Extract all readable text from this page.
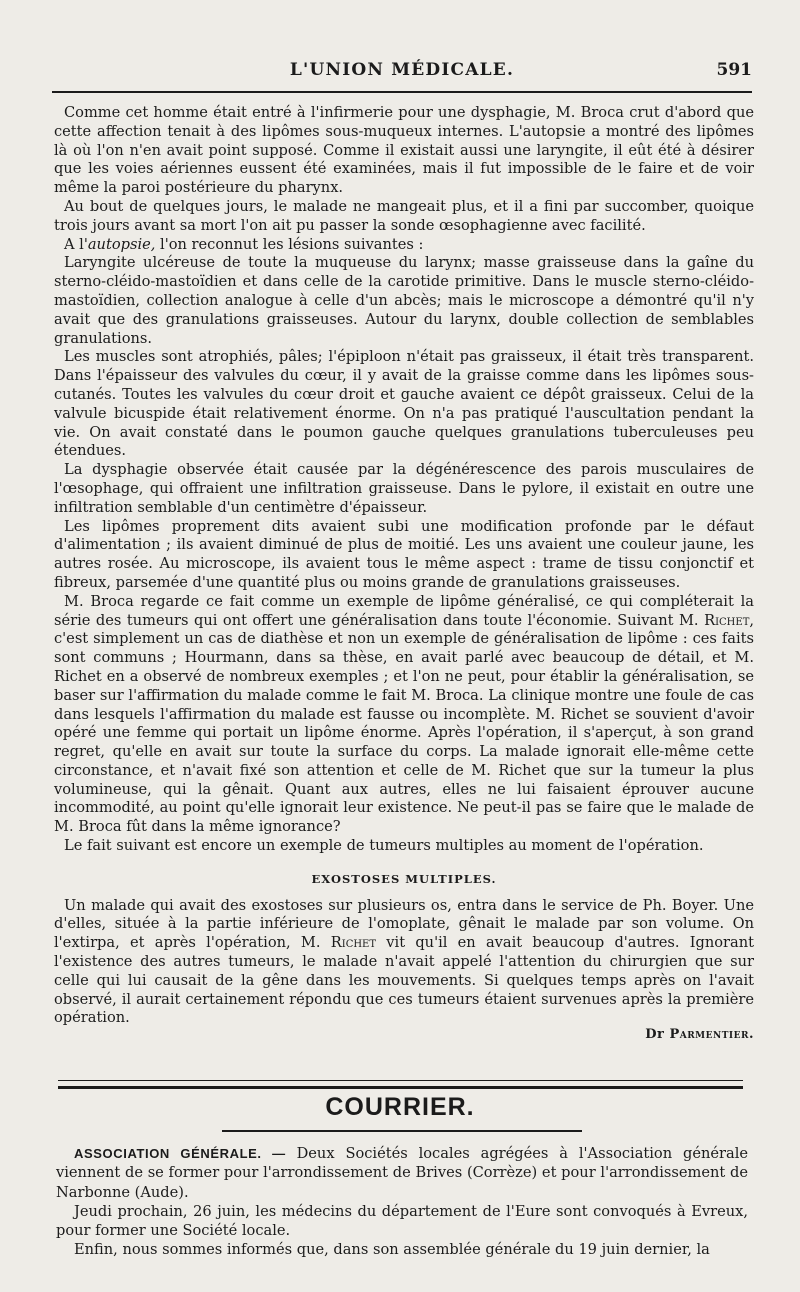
L'UNION MÉDICALE.	591

Comme cet homme était entré à l'infirmerie pour une dysphagie, M. Broca crut d'abord que cette affection tenait à des lipômes sous-muqueux internes. L'autopsie a montré des lipômes là où l'on n'en avait point supposé. Comme il existait aussi une laryngite, il eût été à désirer que les voies aériennes eussent été examinées, mais il fut impossible de le faire et de voir même la paroi postérieure du pharynx.

Au bout de quelques jours, le malade ne mangeait plus, et il a fini par succomber, quoique trois jours avant sa mort l'on ait pu passer la sonde œsophagienne avec facilité.

A l'autopsie, l'on reconnut les lésions suivantes :

Laryngite ulcéreuse de toute la muqueuse du larynx; masse graisseuse dans la gaîne du sterno-cléido-mastoïdien et dans celle de la carotide primitive. Dans le muscle sterno-cléido-mastoïdien, collection analogue à celle d'un abcès; mais le microscope a démontré qu'il n'y avait que des granulations graisseuses. Autour du larynx, double collection de semblables granulations.

Les muscles sont atrophiés, pâles; l'épiploon n'était pas graisseux, il était très transparent. Dans l'épaisseur des valvules du cœur, il y avait de la graisse comme dans les lipômes sous-cutanés. Toutes les valvules du cœur droit et gauche avaient ce dépôt graisseux. Celui de la valvule bicuspide était relativement énorme. On n'a pas pratiqué l'auscultation pendant la vie. On avait constaté dans le poumon gauche quelques granulations tuberculeuses peu étendues.

La dysphagie observée était causée par la dégénérescence des parois musculaires de l'œsophage, qui offraient une infiltration graisseuse. Dans le pylore, il existait en outre une infiltration semblable d'un centimètre d'épaisseur.

Les lipômes proprement dits avaient subi une modification profonde par le défaut d'alimentation ; ils avaient diminué de plus de moitié. Les uns avaient une couleur jaune, les autres rosée. Au microscope, ils avaient tous le même aspect : trame de tissu conjonctif et fibreux, parsemée d'une quantité plus ou moins grande de granulations graisseuses.

M. Broca regarde ce fait comme un exemple de lipôme généralisé, ce qui compléterait la série des tumeurs qui ont offert une généralisation dans toute l'économie. Suivant M. Richet, c'est simplement un cas de diathèse et non un exemple de généralisation de lipôme : ces faits sont communs ; Hourmann, dans sa thèse, en avait parlé avec beaucoup de détail, et M. Richet en a observé de nombreux exemples ; et l'on ne peut, pour établir la généralisation, se baser sur l'affirmation du malade comme le fait M. Broca. La clinique montre une foule de cas dans lesquels l'affirmation du malade est fausse ou incomplète. M. Richet se souvient d'avoir opéré une femme qui portait un lipôme énorme. Après l'opération, il s'aperçut, à son grand regret, qu'elle en avait sur toute la surface du corps. La malade ignorait elle-même cette circonstance, et n'avait fixé son attention et celle de M. Richet que sur la tumeur la plus volumineuse, qui la gênait. Quant aux autres, elles ne lui faisaient éprouver aucune incommodité, au point qu'elle ignorait leur existence. Ne peut-il pas se faire que le malade de M. Broca fût dans la même ignorance?

Le fait suivant est encore un exemple de tumeurs multiples au moment de l'opération.

EXOSTOSES MULTIPLES.

Un malade qui avait des exostoses sur plusieurs os, entra dans le service de Ph. Boyer. Une d'elles, située à la partie inférieure de l'omoplate, gênait le malade par son volume. On l'extirpa, et après l'opération, M. Richet vit qu'il en avait beaucoup d'autres. Ignorant l'existence des autres tumeurs, le malade n'avait appelé l'attention du chirurgien que sur celle qui lui causait de la gêne dans les mouvements. Si quelques temps après on l'avait observé, il aurait certainement répondu que ces tumeurs étaient survenues après la première opération.

Dr Parmentier.
COURRIER.

ASSOCIATION GÉNÉRALE. — Deux Sociétés locales agrégées à l'Association générale viennent de se former pour l'arrondissement de Brives (Corrèze) et pour l'arrondissement de Narbonne (Aude).

Jeudi prochain, 26 juin, les médecins du département de l'Eure sont convoqués à Evreux, pour former une Société locale.

Enfin, nous sommes informés que, dans son assemblée générale du 19 juin dernier, la
